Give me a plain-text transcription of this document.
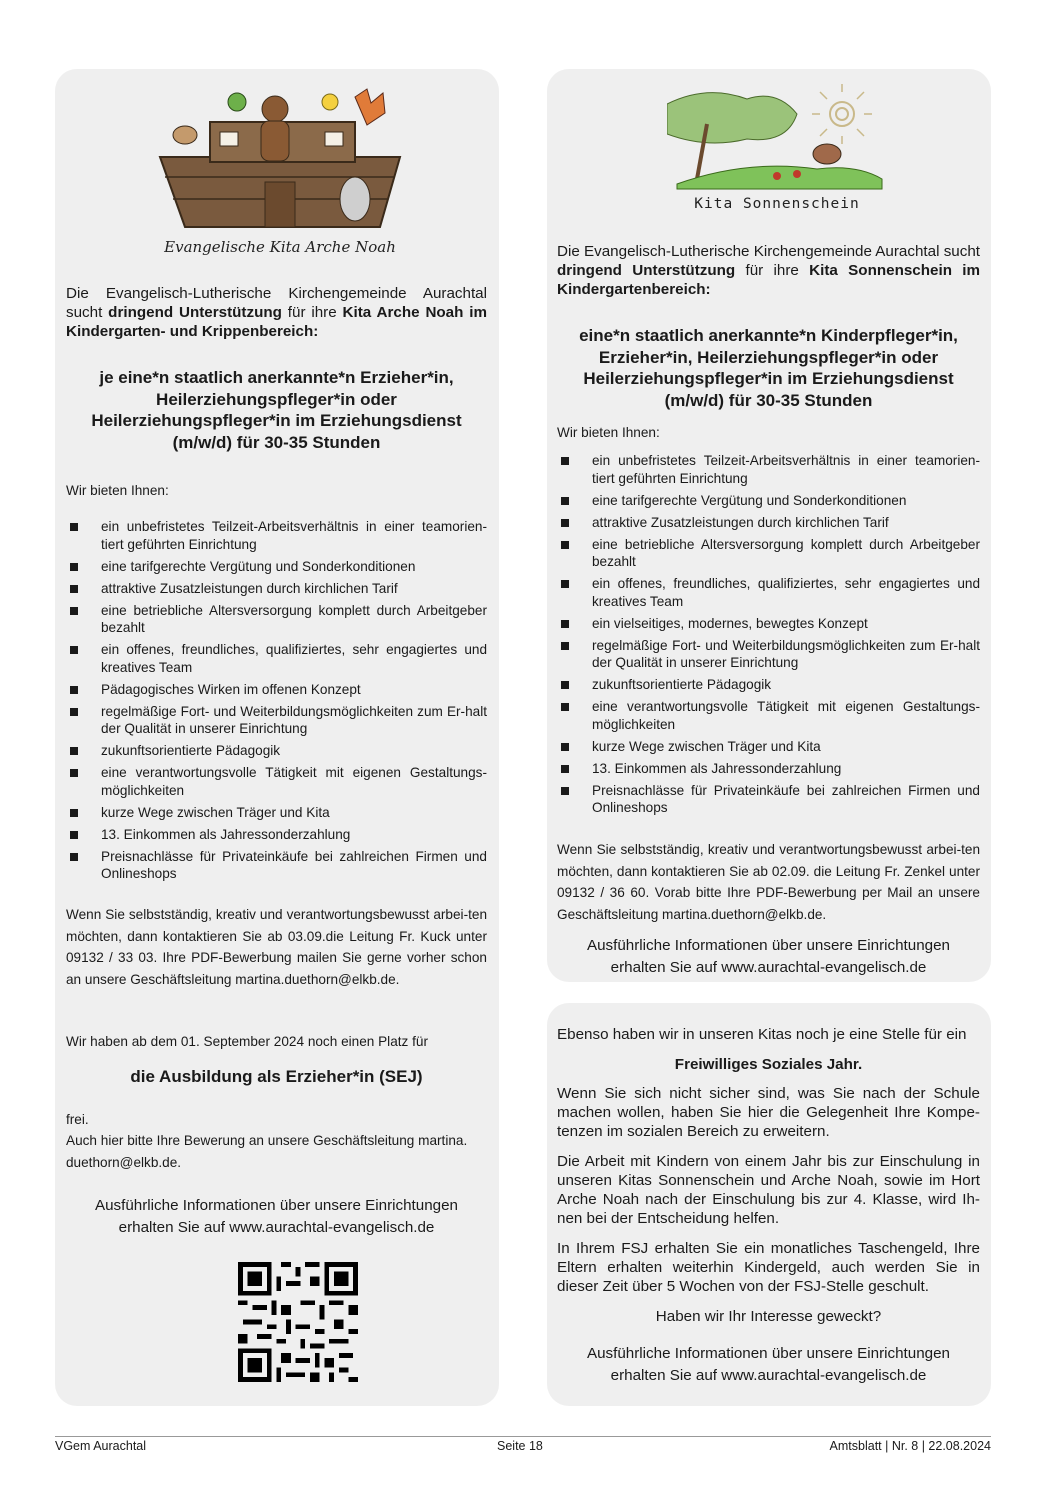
Evangelische Kita Arche Noah

Die Evangelisch-Lutherische Kirchengemeinde Aurachtal sucht dringend Unterstützung für ihre Kita Arche Noah im Kindergarten- und Krippenbereich:

je eine*n staatlich anerkannte*n Erzieher*in, Heilerziehungspfleger*in oder Heilerziehungspfleger*in im Erziehungsdienst (m/w/d) für 30-35 Stunden

Wir bieten Ihnen:

ein unbefristetes Teilzeit-Arbeitsverhältnis in einer teamorien-tiert geführten Einrichtung
eine tarifgerechte Vergütung und Sonderkonditionen
attraktive Zusatzleistungen durch kirchlichen Tarif
eine betriebliche Altersversorgung komplett durch Arbeitgeber bezahlt
ein offenes, freundliches, qualifiziertes, sehr engagiertes und kreatives Team
Pädagogisches Wirken im offenen Konzept
regelmäßige Fort- und Weiterbildungsmöglichkeiten zum Er-halt der Qualität in unserer Einrichtung
zukunftsorientierte Pädagogik
eine verantwortungsvolle Tätigkeit mit eigenen Gestaltungs-möglichkeiten
kurze Wege zwischen Träger und Kita
13. Einkommen als Jahressonderzahlung
Preisnachlässe für Privateinkäufe bei zahlreichen Firmen und Onlineshops

Wenn Sie selbstständig, kreativ und verantwortungsbewusst arbei-ten möchten, dann kontaktieren Sie ab 03.09.die Leitung Fr. Kuck unter 09132 / 33 03. Ihre PDF-Bewerbung mailen Sie gerne vorher schon an unsere Geschäftsleitung martina.duethorn@elkb.de.

Wir haben ab dem 01. September 2024 noch einen Platz für

die Ausbildung als Erzieher*in (SEJ)

frei.

Auch hier bitte Ihre Bewerung an unsere Geschäftsleitung martina. duethorn@elkb.de.

Ausführliche Informationen über unsere Einrichtungen
erhalten Sie auf www.aurachtal-evangelisch.de

Kita Sonnenschein

Die Evangelisch-Lutherische Kirchengemeinde Aurachtal sucht dringend Unterstützung für ihre Kita Sonnenschein im Kindergartenbereich:

eine*n staatlich anerkannte*n Kinderpfleger*in, Erzieher*in, Heilerziehungspfleger*in oder Heilerziehungspfleger*in im Erziehungsdienst (m/w/d) für 30-35 Stunden

Wir bieten Ihnen:

ein unbefristetes Teilzeit-Arbeitsverhältnis in einer teamorien-tiert geführten Einrichtung
eine tarifgerechte Vergütung und Sonderkonditionen
attraktive Zusatzleistungen durch kirchlichen Tarif
eine betriebliche Altersversorgung komplett durch Arbeitgeber bezahlt
ein offenes, freundliches, qualifiziertes, sehr engagiertes und kreatives Team
ein vielseitiges, modernes, bewegtes Konzept
regelmäßige Fort- und Weiterbildungsmöglichkeiten zum Er-halt der Qualität in unserer Einrichtung
zukunftsorientierte Pädagogik
eine verantwortungsvolle Tätigkeit mit eigenen Gestaltungs-möglichkeiten
kurze Wege zwischen Träger und Kita
13. Einkommen als Jahressonderzahlung
Preisnachlässe für Privateinkäufe bei zahlreichen Firmen und Onlineshops

Wenn Sie selbstständig, kreativ und verantwortungsbewusst arbei-ten möchten, dann kontaktieren Sie ab 02.09. die Leitung Fr. Zenkel unter 09132 / 36 60. Vorab bitte Ihre PDF-Bewerbung per Mail an unsere Geschäftsleitung martina.duethorn@elkb.de.

Ausführliche Informationen über unsere Einrichtungen
erhalten Sie auf www.aurachtal-evangelisch.de

Ebenso haben wir in unseren Kitas noch je eine Stelle für ein

Freiwilliges Soziales Jahr.

Wenn Sie sich nicht sicher sind, was Sie nach der Schule machen wollen, haben Sie hier die Gelegenheit Ihre Kompe-tenzen im sozialen Bereich zu erweitern.

Die Arbeit mit Kindern von einem Jahr bis zur Einschulung in unseren Kitas Sonnenschein und Arche Noah, sowie im Hort Arche Noah nach der Einschulung bis zur 4. Klasse, wird Ih-nen bei der Entscheidung helfen.

In Ihrem FSJ erhalten Sie ein monatliches Taschengeld, Ihre Eltern erhalten weiterhin Kindergeld, auch werden Sie in dieser Zeit über 5 Wochen von der FSJ-Stelle geschult.

Haben wir Ihr Interesse geweckt?

Ausführliche Informationen über unsere Einrichtungen
erhalten Sie auf www.aurachtal-evangelisch.de

VGem Aurachtal	Seite 18	Amtsblatt | Nr. 8 | 22.08.2024
